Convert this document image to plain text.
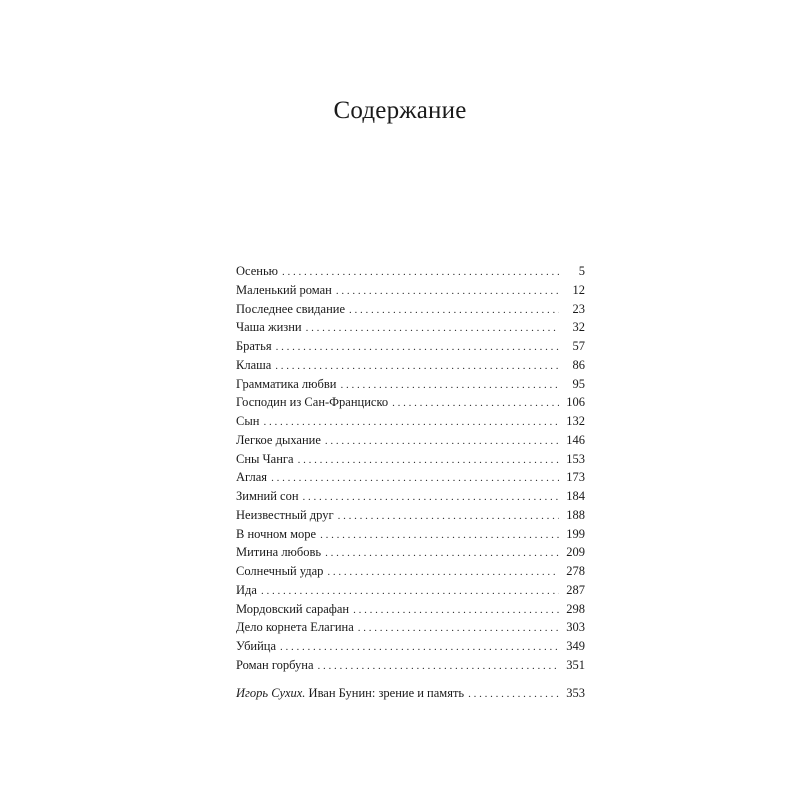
Содержание
Осенью . . .	5
Маленький роман . . .	12
Последнее свидание . . .	23
Чаша жизни . . .	32
Братья . . .	57
Клаша . . .	86
Грамматика любви . . .	95
Господин из Сан-Франциско . . .	106
Сын . . .	132
Легкое дыхание . . .	146
Сны Чанга . . .	153
Аглая . . .	173
Зимний сон . . .	184
Неизвестный друг . . .	188
В ночном море . . .	199
Митина любовь . . .	209
Солнечный удар . . .	278
Ида . . .	287
Мордовский сарафан . . .	298
Дело корнета Елагина . . .	303
Убийца . . .	349
Роман горбуна . . .	351
Игорь Сухих. Иван Бунин: зрение и память . . .	353
